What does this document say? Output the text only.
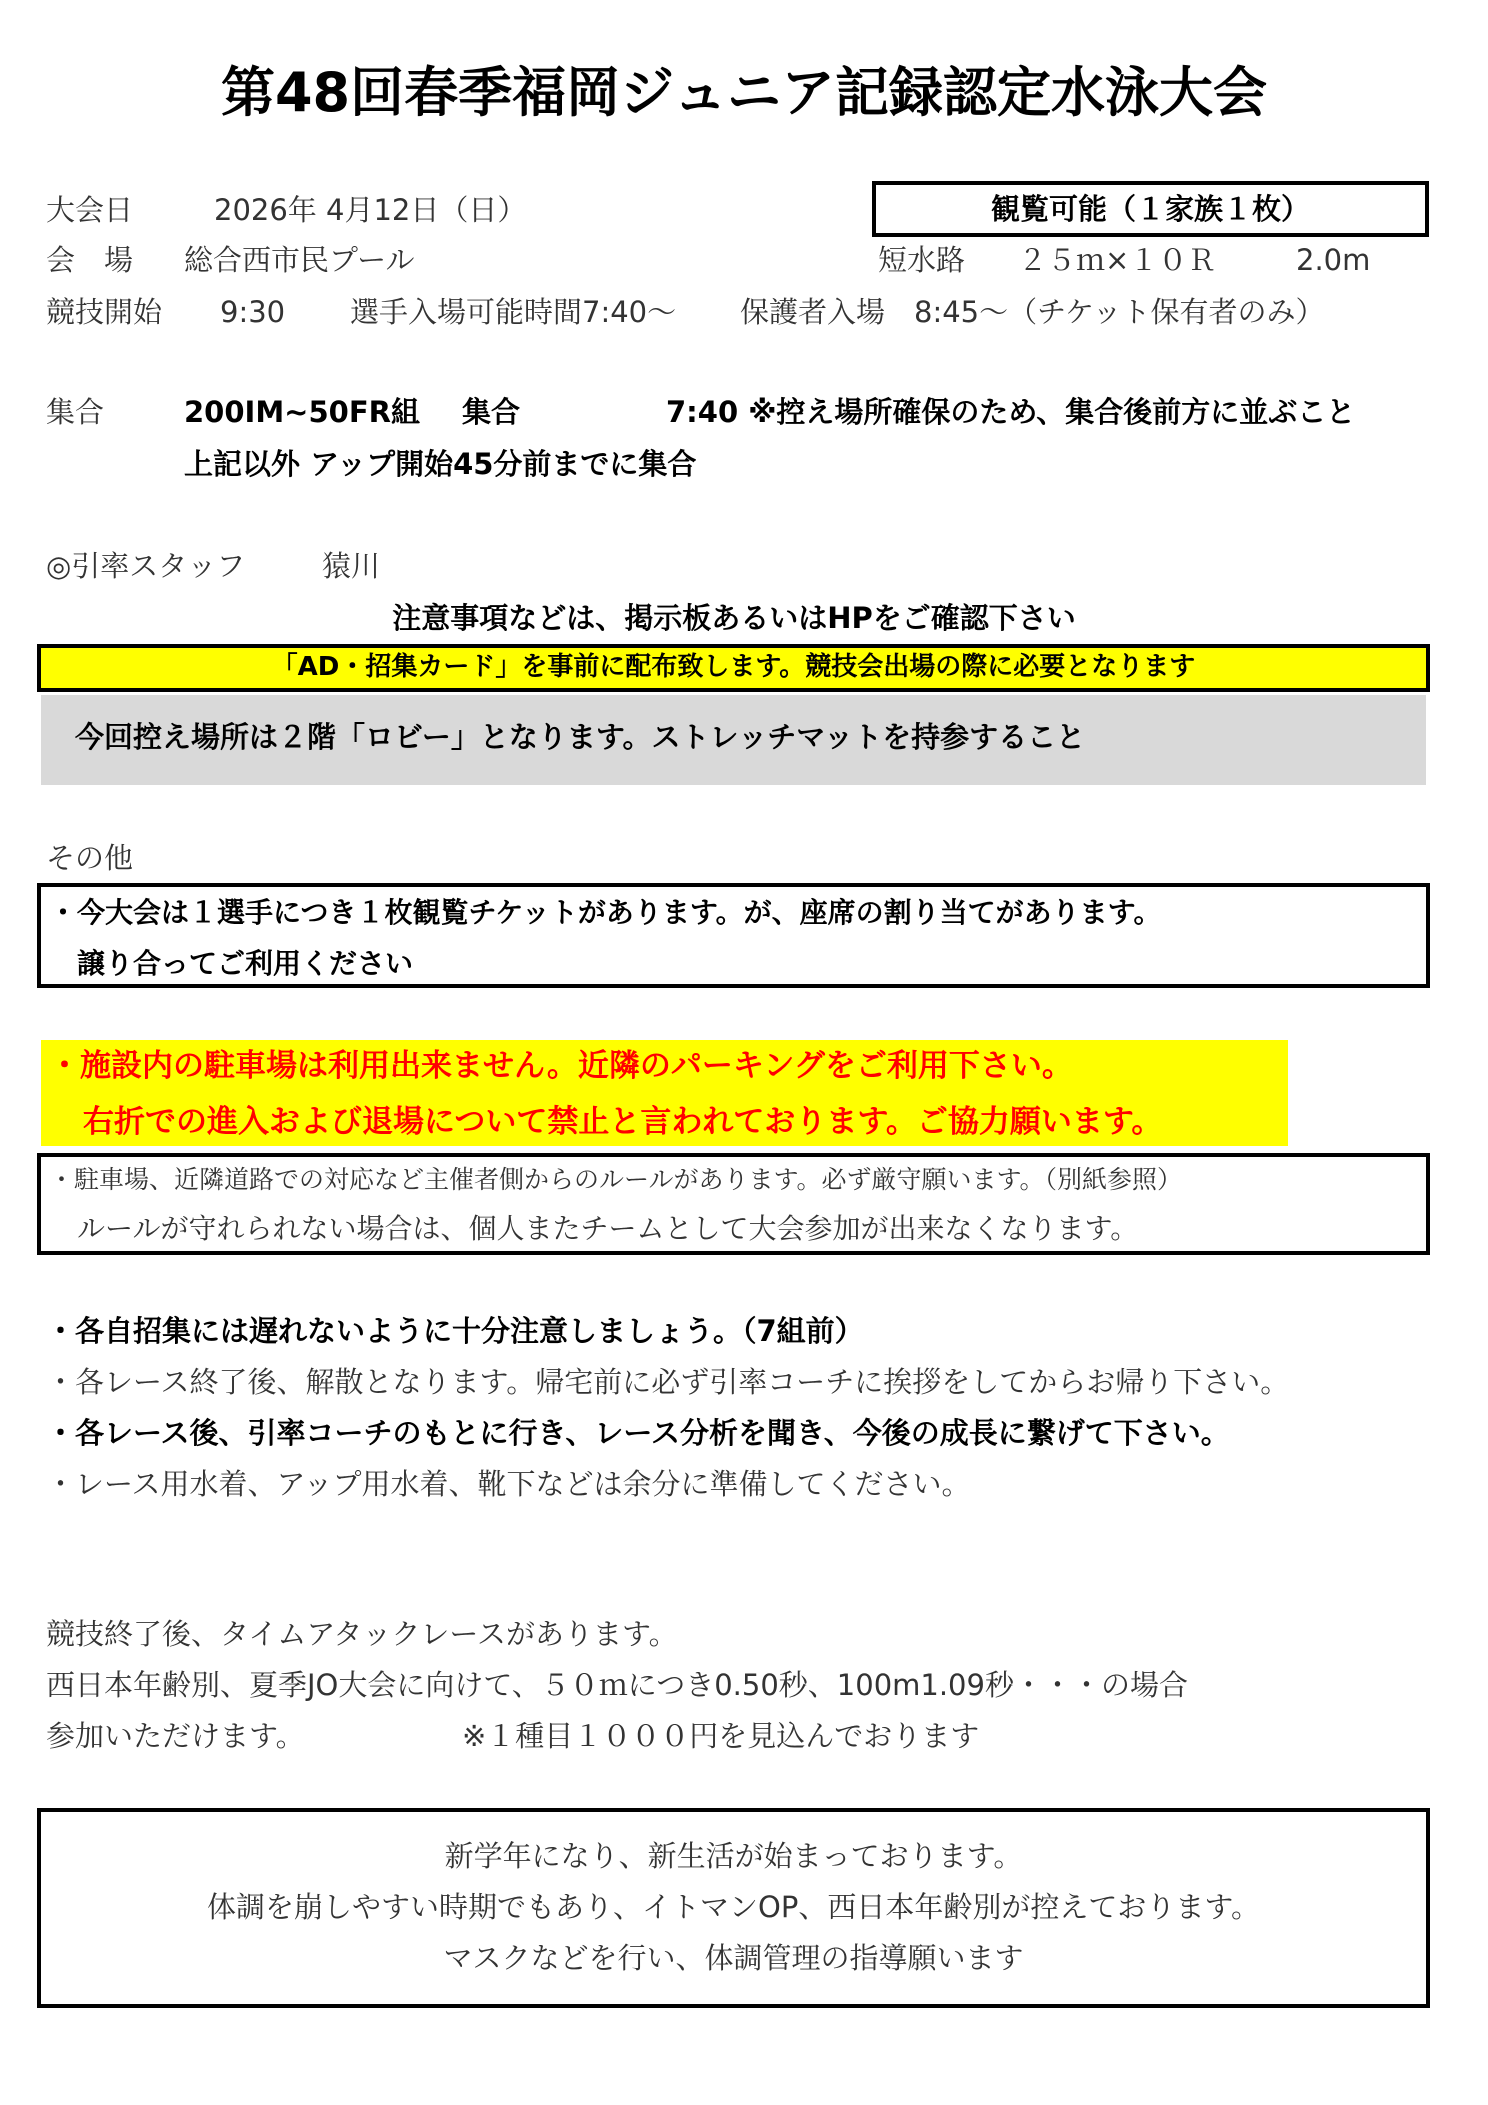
第48回春季福岡ジュニア記録認定水泳大会
大会日	2026年 4月12日（日）	観覧可能（１家族１枚）
会　場 総合西市民プール	短水路 ２５ｍ×１０Ｒ	2.0m
競技開始 9:30 選手入場可能時間7:40～ 保護者入場　8:45～（チケット保有者のみ）
集合	200IM~50FR組 集合	7:40 ※控え場所確保のため、集合後前方に並ぶこと
上記以外 アップ開始45分前までに集合
◎引率スタッフ	猿川
注意事項などは、掲示板あるいはHPをご確認下さい
「AD・招集カード」を事前に配布致します。競技会出場の際に必要となります
今回控え場所は２階「ロビー」となります。ストレッチマットを持参すること
その他
・今大会は１選手につき１枚観覧チケットがあります。が、座席の割り当てがあります。
譲り合ってご利用ください
・施設内の駐車場は利用出来ません。近隣のパーキングをご利用下さい。
右折での進入および退場について禁止と言われております。ご協力願います。
・駐車場、近隣道路での対応など主催者側からのルールがあります。必ず厳守願います。（別紙参照）
ルールが守れられない場合は、個人またチームとして大会参加が出来なくなります。
・各自招集には遅れないように十分注意しましょう。（7組前）
・各レース終了後、解散となります。帰宅前に必ず引率コーチに挨拶をしてからお帰り下さい。
・各レース後、引率コーチのもとに行き、レース分析を聞き、今後の成長に繋げて下さい。
・レース用水着、アップ用水着、靴下などは余分に準備してください。
競技終了後、タイムアタックレースがあります。
西日本年齢別、夏季JO大会に向けて、５０ｍにつき0.50秒、100m1.09秒・・・の場合
参加いただけます。	※１種目１０００円を見込んでおります
新学年になり、新生活が始まっております。
体調を崩しやすい時期でもあり、イトマンOP、西日本年齢別が控えております。
マスクなどを行い、体調管理の指導願います
